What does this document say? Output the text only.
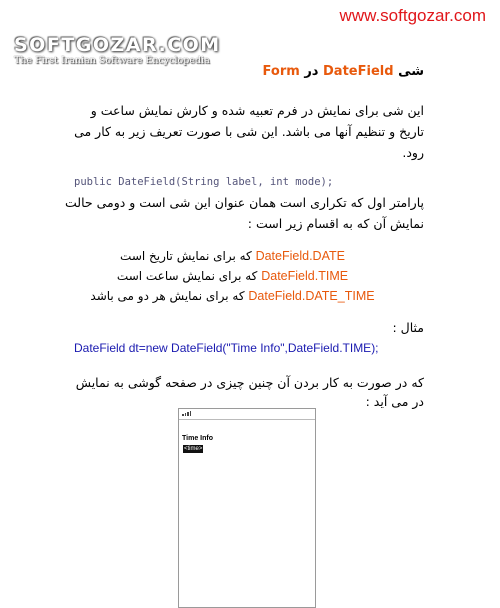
www.softgozar.com
SOFTGOZAR.COM
The First Iranian Software Encyclopedia
شی DateField در Form
این شی برای نمایش در فرم تعبیه شده و کارش نمایش ساعت و تاریخ و تنظیم آنها می باشد. این شی با صورت تعریف زیر به کار می رود.
public DateField(String label, int mode);
پارامتر اول که تکراری است همان عنوان این شی است و دومی حالت نمایش آن که به اقسام زیر است :
DateField.DATE که برای نمایش تاریخ است
DateField.TIME که برای نمایش ساعت است
DateField.DATE_TIME که برای نمایش هر دو می باشد
مثال :
DateField dt=new DateField("Time Info",DateField.TIME);
که در صورت به کار بردن آن چنین چیزی در صفحه گوشی به نمایش در می آید :
Time Info
<time>
